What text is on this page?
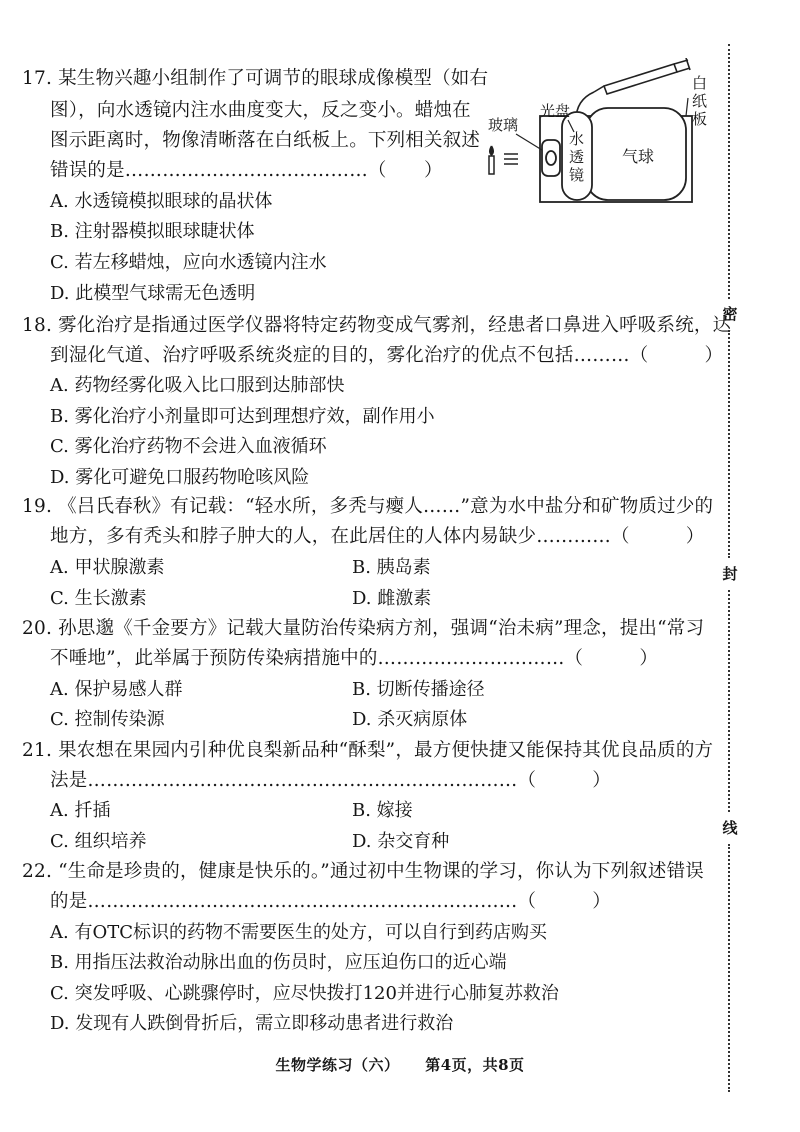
17. 某生物兴趣小组制作了可调节的眼球成像模型（如右
图），向水透镜内注水曲度变大，反之变小。蜡烛在
图示距离时，物像清晰落在白纸板上。下列相关叙述
错误的是…………………………………（　　）
A. 水透镜模拟眼球的晶状体
B. 注射器模拟眼球睫状体
C. 若左移蜡烛，应向水透镜内注水
D. 此模型气球需无色透明
玻璃
光盘
水
透
镜
气球
白
纸
板
18. 雾化治疗是指通过医学仪器将特定药物变成气雾剂，经患者口鼻进入呼吸系统，达
到湿化气道、治疗呼吸系统炎症的目的，雾化治疗的优点不包括………（　　　）
A. 药物经雾化吸入比口服到达肺部快
B. 雾化治疗小剂量即可达到理想疗效，副作用小
C. 雾化治疗药物不会进入血液循环
D. 雾化可避免口服药物呛咳风险
19. 《吕氏春秋》有记载：“轻水所，多秃与瘿人……”意为水中盐分和矿物质过少的
地方，多有秃头和脖子肿大的人，在此居住的人体内易缺少…………（　　　）
A. 甲状腺激素	B. 胰岛素
C. 生长激素	D. 雌激素
20. 孙思邈《千金要方》记载大量防治传染病方剂，强调“治未病”理念，提出“常习
不唾地”，此举属于预防传染病措施中的…………………………（　　　）
A. 保护易感人群	B. 切断传播途径
C. 控制传染源	D. 杀灭病原体
21. 果农想在果园内引种优良梨新品种“酥梨”，最方便快捷又能保持其优良品质的方
法是……………………………………………………………（　　　）
A. 扦插	B. 嫁接
C. 组织培养	D. 杂交育种
22. “生命是珍贵的，健康是快乐的。”通过初中生物课的学习，你认为下列叙述错误
的是……………………………………………………………（　　　）
A. 有OTC标识的药物不需要医生的处方，可以自行到药店购买
B. 用指压法救治动脉出血的伤员时，应压迫伤口的近心端
C. 突发呼吸、心跳骤停时，应尽快拨打120并进行心肺复苏救治
D. 发现有人跌倒骨折后，需立即移动患者进行救治
生物学练习（六） 第4页，共8页
密
封
线
